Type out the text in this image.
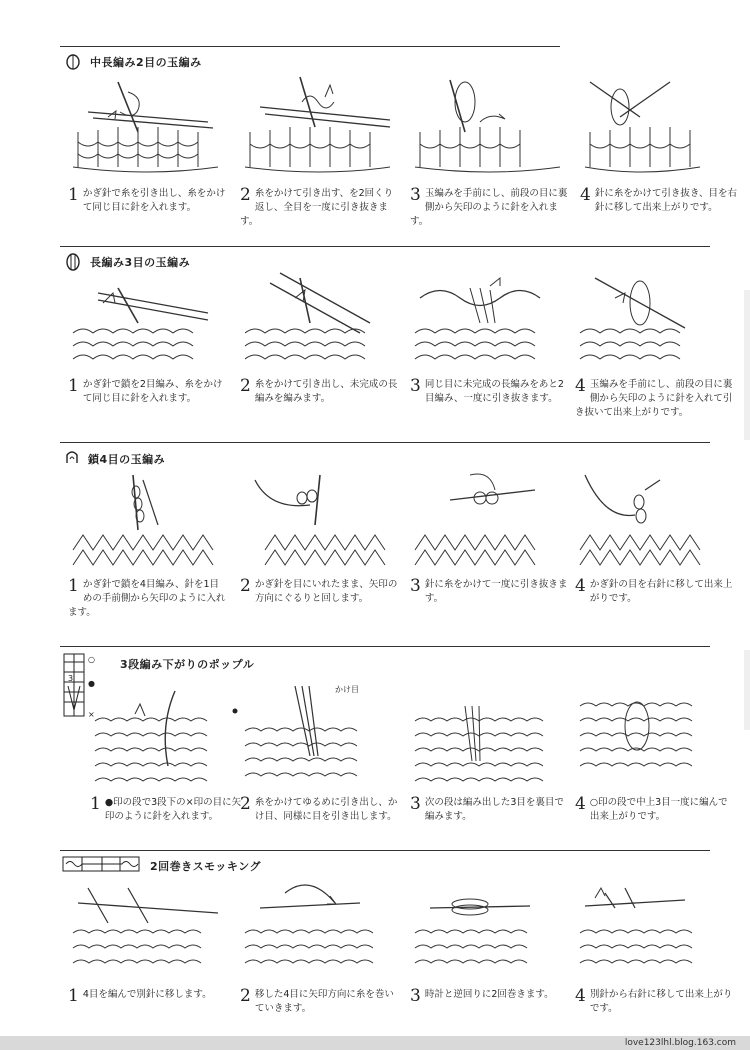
中長編み2目の玉編み
1 かぎ針で糸を引き出し、糸をかけて同じ目に針を入れます。
2 糸をかけて引き出す、を2回くり返し、全目を一度に引き抜きます。
3 玉編みを手前にし、前段の目に裏側から矢印のように針を入れます。
4 針に糸をかけて引き抜き、目を右針に移して出来上がりです。
長編み3目の玉編み
1 かぎ針で鎖を2目編み、糸をかけて同じ目に針を入れます。
2 糸をかけて引き出し、未完成の長編みを編みます。
3 同じ目に未完成の長編みをあと2目編み、一度に引き抜きます。
4 玉編みを手前にし、前段の目に裏側から矢印のように針を入れて引き抜いて出来上がりです。
鎖4目の玉編み
1 かぎ針で鎖を4目編み、針を1目めの手前側から矢印のように入れます。
2 かぎ針を目にいれたまま、矢印の方向にぐるりと回します。
3 針に糸をかけて一度に引き抜きます。
4 かぎ針の目を右針に移して出来上がりです。
3
○
●
×
3段編み下がりのポップル
1 ●印の段で3段下の×印の目に矢印のように針を入れます。
かけ目
2 糸をかけてゆるめに引き出し、かけ目、同様に目を引き出します。
3 次の段は編み出した3目を裏目で編みます。
4 ○印の段で中上3目一度に編んで出来上がりです。
2回巻きスモッキング
1 4目を編んで別針に移します。	2 移した4目に矢印方向に糸を巻いていきます。
3 時計と逆回りに2回巻きます。	4 別針から右針に移して出来上がりです。
love123lhl.blog.163.com
